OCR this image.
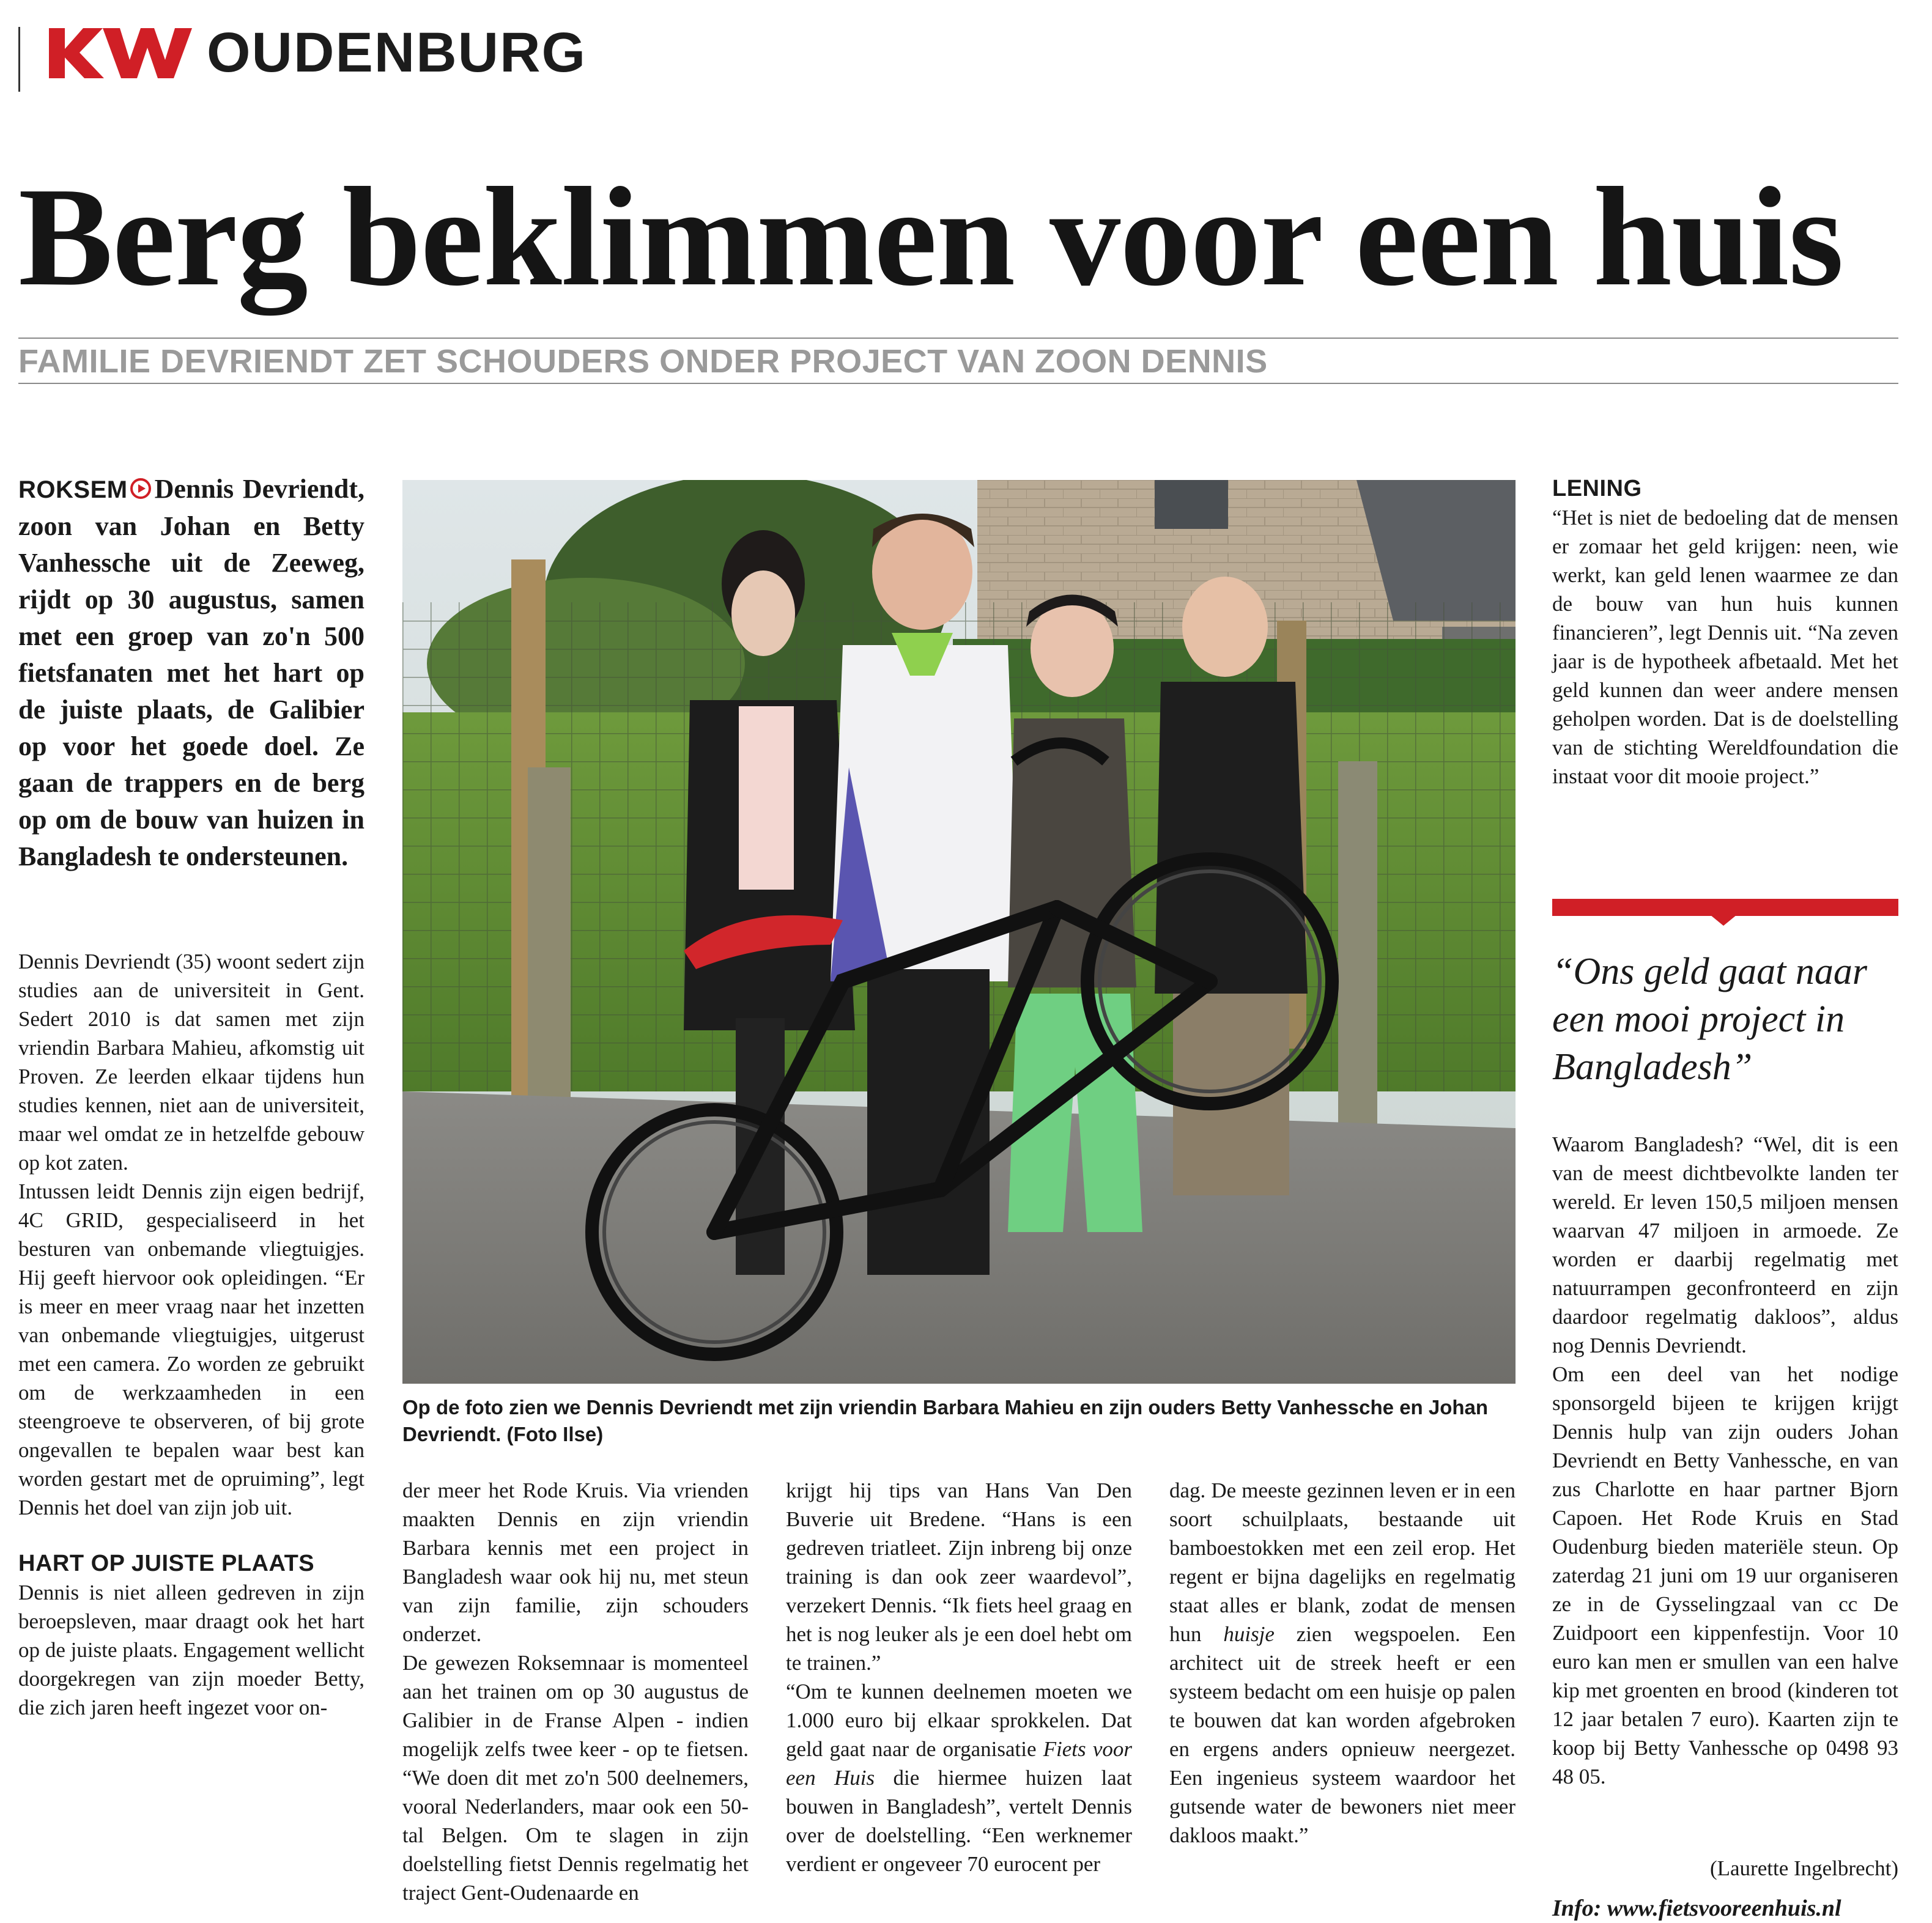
OUDENBURG
Berg beklimmen voor een huis
FAMILIE DEVRIENDT ZET SCHOUDERS ONDER PROJECT VAN ZOON DENNIS
ROKSEM Dennis Devriendt, zoon van Johan en Betty Vanhessche uit de Zeeweg, rijdt op 30 augustus, samen met een groep van zo'n 500 fietsfanaten met het hart op de juiste plaats, de Galibier op voor het goede doel. Ze gaan de trappers en de berg op om de bouw van huizen in Bangladesh te ondersteunen.

Dennis Devriendt (35) woont sedert zijn studies aan de universiteit in Gent. Sedert 2010 is dat samen met zijn vriendin Barbara Mahieu, afkomstig uit Proven. Ze leerden elkaar tijdens hun studies kennen, niet aan de universiteit, maar wel omdat ze in hetzelfde gebouw op kot zaten.

Intussen leidt Dennis zijn eigen bedrijf, 4C GRID, gespecialiseerd in het besturen van onbemande vliegtuigjes. Hij geeft hiervoor ook opleidingen. “Er is meer en meer vraag naar het inzetten van onbemande vliegtuigjes, uitgerust met een camera. Zo worden ze gebruikt om de werkzaamheden in een steengroeve te observeren, of bij grote ongevallen te bepalen waar best kan worden gestart met de opruiming”, legt Dennis het doel van zijn job uit.

HART OP JUISTE PLAATS

Dennis is niet alleen gedreven in zijn beroepsleven, maar draagt ook het hart op de juiste plaats. Engagement wellicht doorgekregen van zijn moeder Betty, die zich jaren heeft ingezet voor on-

Op de foto zien we Dennis Devriendt met zijn vriendin Barbara Mahieu en zijn ouders Betty Vanhessche en Johan Devriendt. (Foto Ilse)

der meer het Rode Kruis. Via vrienden maakten Dennis en zijn vriendin Barbara kennis met een project in Bangladesh waar ook hij nu, met steun van zijn familie, zijn schouders onderzet.

De gewezen Roksemnaar is momenteel aan het trainen om op 30 augustus de Galibier in de Franse Alpen - indien mogelijk zelfs twee keer - op te fietsen. “We doen dit met zo'n 500 deelnemers, vooral Nederlanders, maar ook een 50-tal Belgen. Om te slagen in zijn doelstelling fietst Dennis regelmatig het traject Gent-Oudenaarde en

krijgt hij tips van Hans Van Den Buverie uit Bredene. “Hans is een gedreven triatleet. Zijn inbreng bij onze training is dan ook zeer waardevol”, verzekert Dennis. “Ik fiets heel graag en het is nog leuker als je een doel hebt om te trainen.”

“Om te kunnen deelnemen moeten we 1.000 euro bij elkaar sprokkelen. Dat geld gaat naar de organisatie Fiets voor een Huis die hiermee huizen laat bouwen in Bangladesh”, vertelt Dennis over de doelstelling. “Een werknemer verdient er ongeveer 70 eurocent per

dag. De meeste gezinnen leven er in een soort schuilplaats, bestaande uit bamboestokken met een zeil erop. Het regent er bijna dagelijks en regelmatig staat alles er blank, zodat de mensen hun huisje zien wegspoelen. Een architect uit de streek heeft er een systeem bedacht om een huisje op palen te bouwen dat kan worden afgebroken en ergens anders opnieuw neergezet. Een ingenieus systeem waardoor het gutsende water de bewoners niet meer dakloos maakt.”

LENING

“Het is niet de bedoeling dat de mensen er zomaar het geld krijgen: neen, wie werkt, kan geld lenen waarmee ze dan de bouw van hun huis kunnen financieren”, legt Dennis uit. “Na zeven jaar is de hypotheek afbetaald. Met het geld kunnen dan weer andere mensen geholpen worden. Dat is de doelstelling van de stichting Wereldfoundation die instaat voor dit mooie project.”

“Ons geld gaat naar een mooi project in Bangladesh”

Waarom Bangladesh? “Wel, dit is een van de meest dichtbevolkte landen ter wereld. Er leven 150,5 miljoen mensen waarvan 47 miljoen in armoede. Ze worden er daarbij regelmatig met natuurrampen geconfronteerd en zijn daardoor regelmatig dakloos”, aldus nog Dennis Devriendt.

Om een deel van het nodige sponsorgeld bijeen te krijgen krijgt Dennis hulp van zijn ouders Johan Devriendt en Betty Vanhessche, en van zus Charlotte en haar partner Bjorn Capoen. Het Rode Kruis en Stad Oudenburg bieden materiële steun. Op zaterdag 21 juni om 19 uur organiseren ze in de Gysselingzaal van cc De Zuidpoort een kippenfestijn. Voor 10 euro kan men er smullen van een halve kip met groenten en brood (kinderen tot 12 jaar betalen 7 euro). Kaarten zijn te koop bij Betty Vanhessche op 0498 93 48 05.

(Laurette Ingelbrecht)
Info: www.fietsvooreenhuis.nl
